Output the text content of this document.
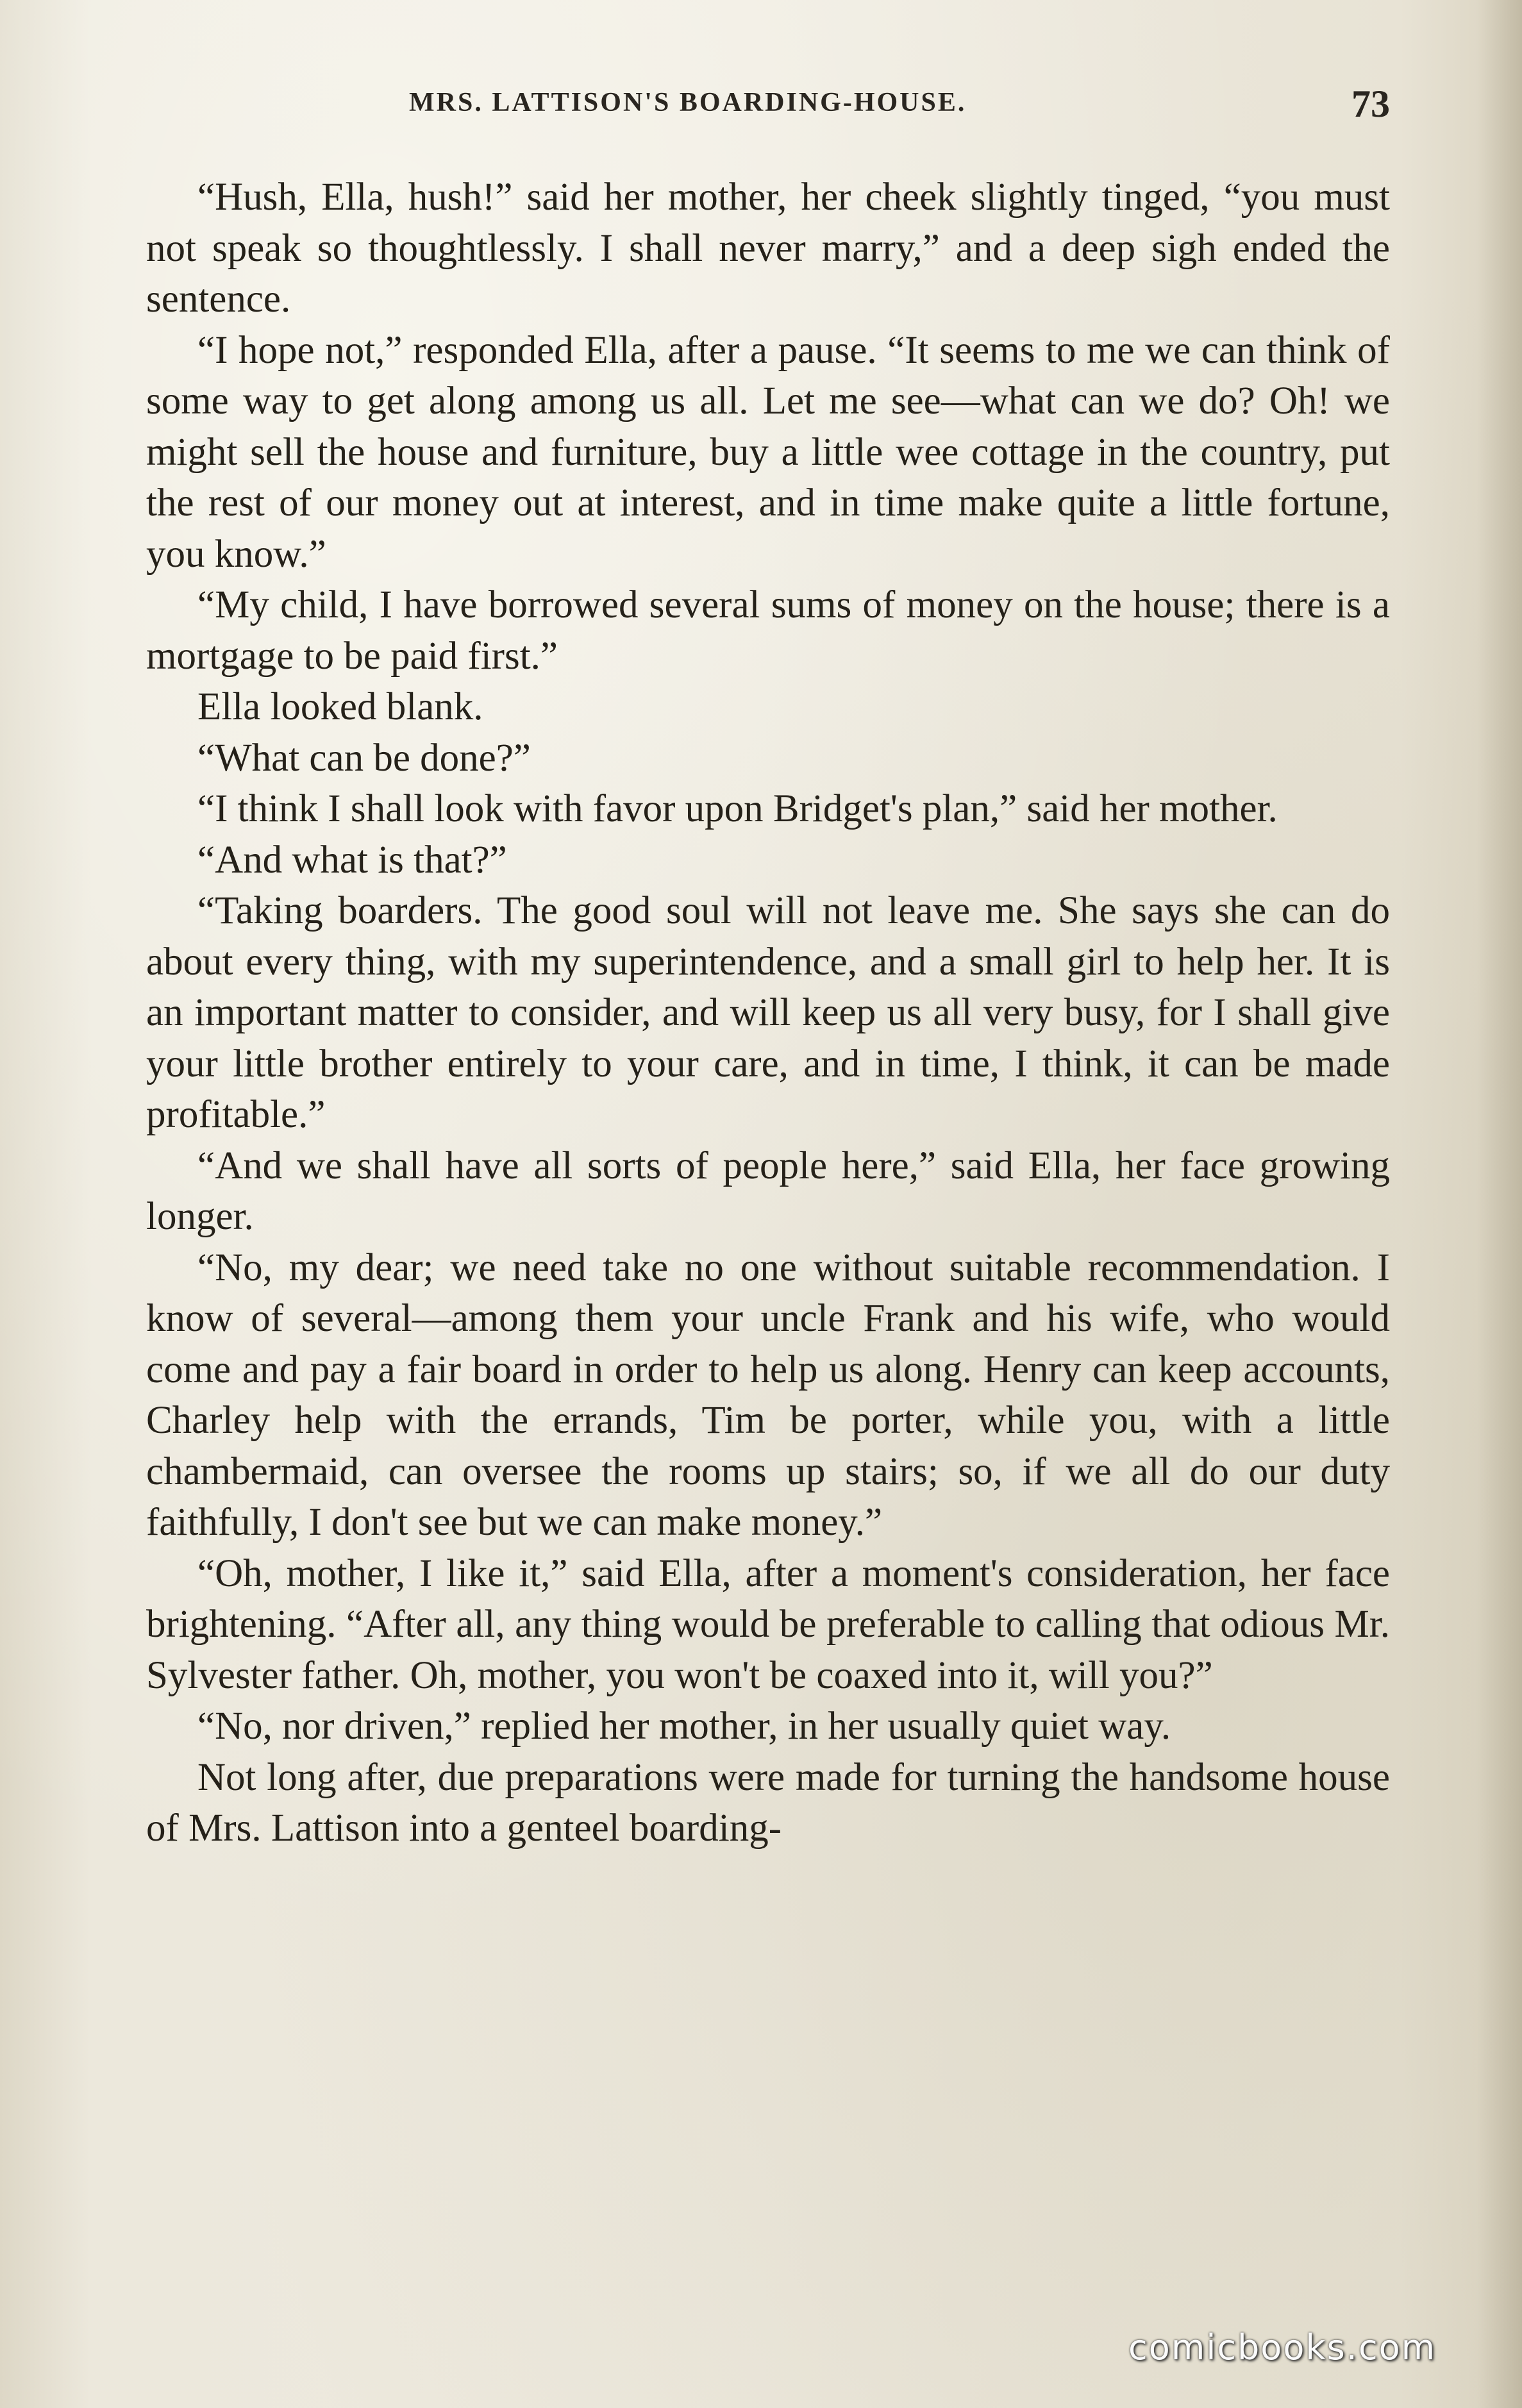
MRS. LATTISON'S BOARDING-HOUSE.	73

“Hush, Ella, hush!” said her mother, her cheek slightly tinged, “you must not speak so thoughtlessly. I shall never marry,” and a deep sigh ended the sentence.

“I hope not,” responded Ella, after a pause. “It seems to me we can think of some way to get along among us all. Let me see—what can we do? Oh! we might sell the house and furniture, buy a little wee cottage in the country, put the rest of our money out at interest, and in time make quite a little fortune, you know.”

“My child, I have borrowed several sums of money on the house; there is a mortgage to be paid first.”

Ella looked blank.

“What can be done?”

“I think I shall look with favor upon Bridget's plan,” said her mother.

“And what is that?”

“Taking boarders. The good soul will not leave me. She says she can do about every thing, with my superintendence, and a small girl to help her. It is an important matter to consider, and will keep us all very busy, for I shall give your little brother entirely to your care, and in time, I think, it can be made profitable.”

“And we shall have all sorts of people here,” said Ella, her face growing longer.

“No, my dear; we need take no one without suitable recommendation. I know of several—among them your uncle Frank and his wife, who would come and pay a fair board in order to help us along. Henry can keep accounts, Charley help with the errands, Tim be porter, while you, with a little chambermaid, can oversee the rooms up stairs; so, if we all do our duty faithfully, I don't see but we can make money.”

“Oh, mother, I like it,” said Ella, after a moment's consideration, her face brightening. “After all, any thing would be preferable to calling that odious Mr. Sylvester father. Oh, mother, you won't be coaxed into it, will you?”

“No, nor driven,” replied her mother, in her usually quiet way.

Not long after, due preparations were made for turning the handsome house of Mrs. Lattison into a genteel boarding-

comicbooks.com
